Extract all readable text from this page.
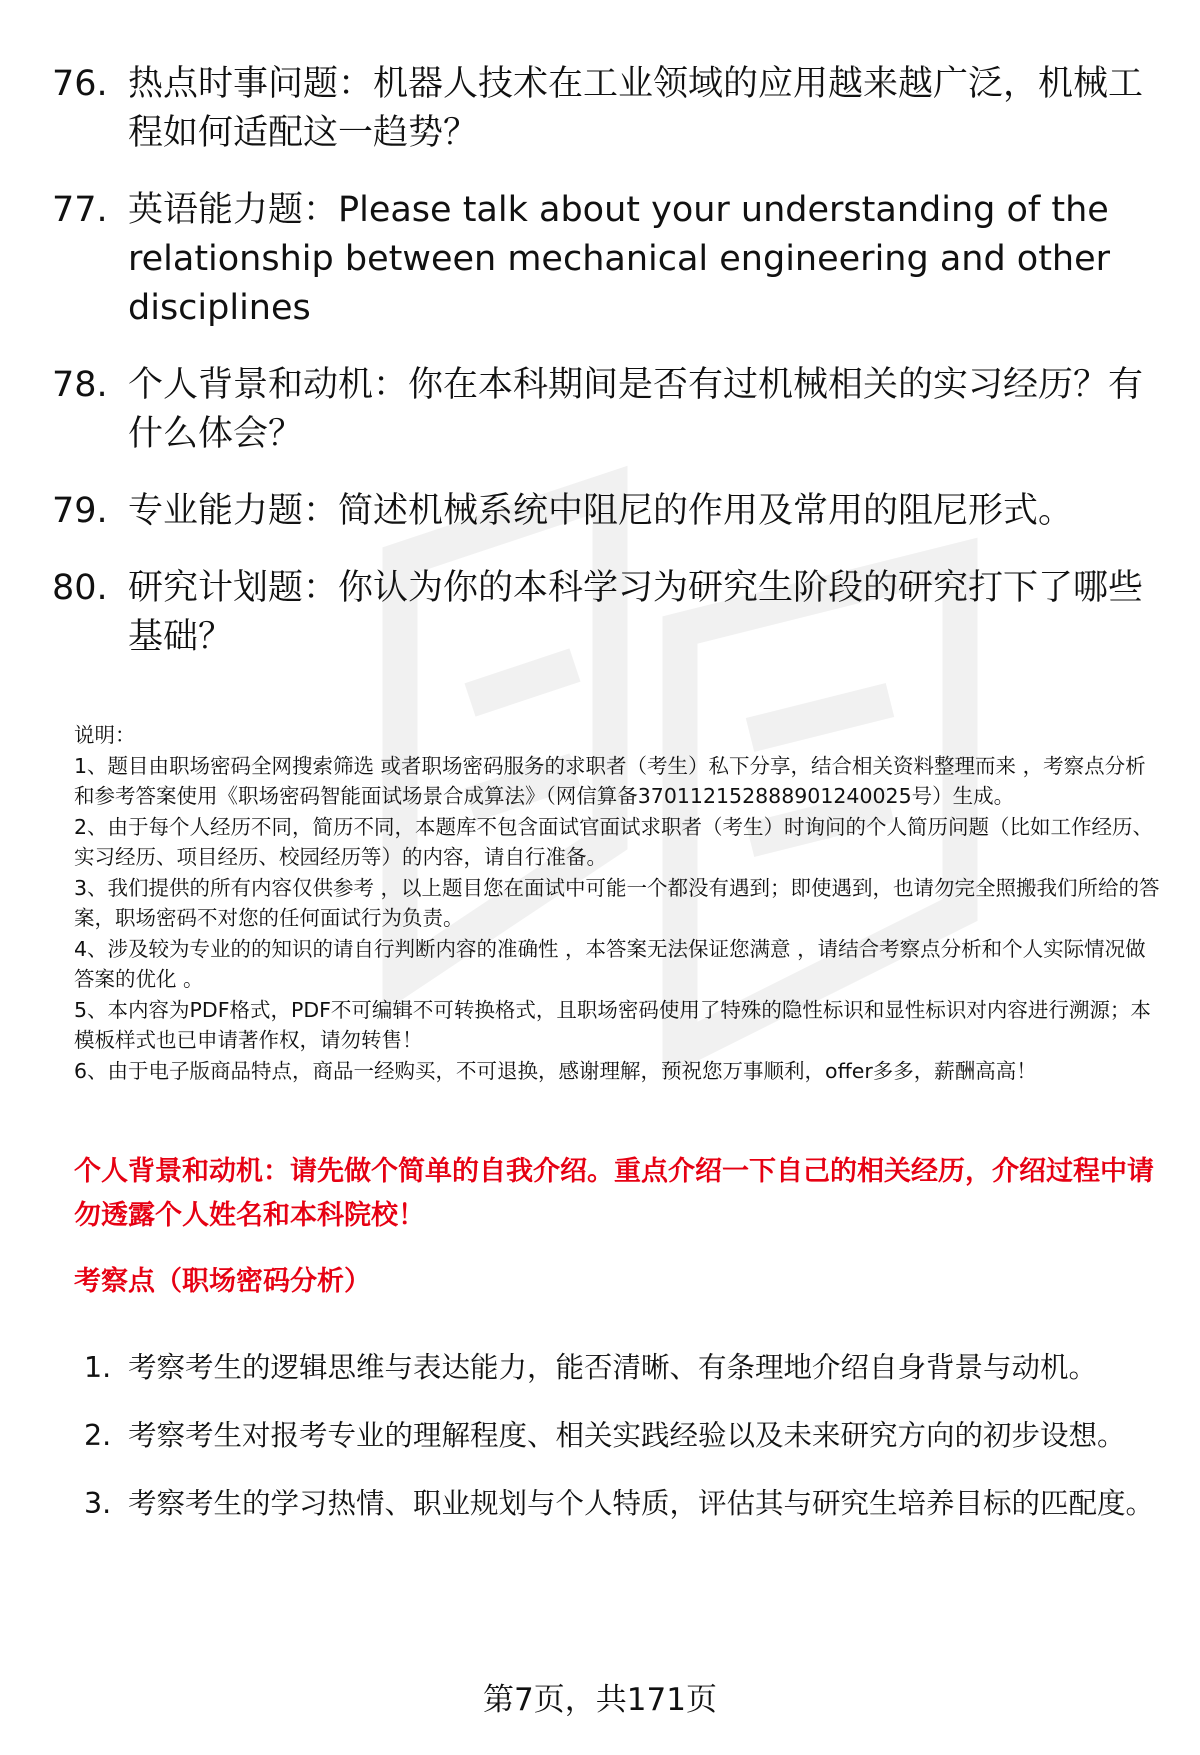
76. 热点时事问题：机器人技术在工业领域的应用越来越广泛，机械工程如何适配这一趋势？
77. 英语能力题：Please talk about your understanding of the relationship between mechanical engineering and other disciplines
78. 个人背景和动机：你在本科期间是否有过机械相关的实习经历？有什么体会？
79. 专业能力题：简述机械系统中阻尼的作用及常用的阻尼形式。
80. 研究计划题：你认为你的本科学习为研究生阶段的研究打下了哪些基础？
说明：
1、题目由职场密码全网搜索筛选 或者职场密码服务的求职者（考生）私下分享，结合相关资料整理而来 ，考察点分析和参考答案使用《职场密码智能面试场景合成算法》（网信算备370112152888901240025号）生成。
2、由于每个人经历不同，简历不同，本题库不包含面试官面试求职者（考生）时询问的个人简历问题（比如工作经历、实习经历、项目经历、校园经历等）的内容，请自行准备。
3、我们提供的所有内容仅供参考 ，以上题目您在面试中可能一个都没有遇到；即使遇到，也请勿完全照搬我们所给的答案，职场密码不对您的任何面试行为负责。
4、涉及较为专业的的知识的请自行判断内容的准确性 ，本答案无法保证您满意 ，请结合考察点分析和个人实际情况做答案的优化 。
5、本内容为PDF格式，PDF不可编辑不可转换格式，且职场密码使用了特殊的隐性标识和显性标识对内容进行溯源；本模板样式也已申请著作权，请勿转售！
6、由于电子版商品特点，商品一经购买，不可退换，感谢理解，预祝您万事顺利，offer多多，薪酬高高！
个人背景和动机：请先做个简单的自我介绍。重点介绍一下自己的相关经历，介绍过程中请勿透露个人姓名和本科院校！
考察点（职场密码分析）
1. 考察考生的逻辑思维与表达能力，能否清晰、有条理地介绍自身背景与动机。
2. 考察考生对报考专业的理解程度、相关实践经验以及未来研究方向的初步设想。
3. 考察考生的学习热情、职业规划与个人特质，评估其与研究生培养目标的匹配度。
第7页，共171页
